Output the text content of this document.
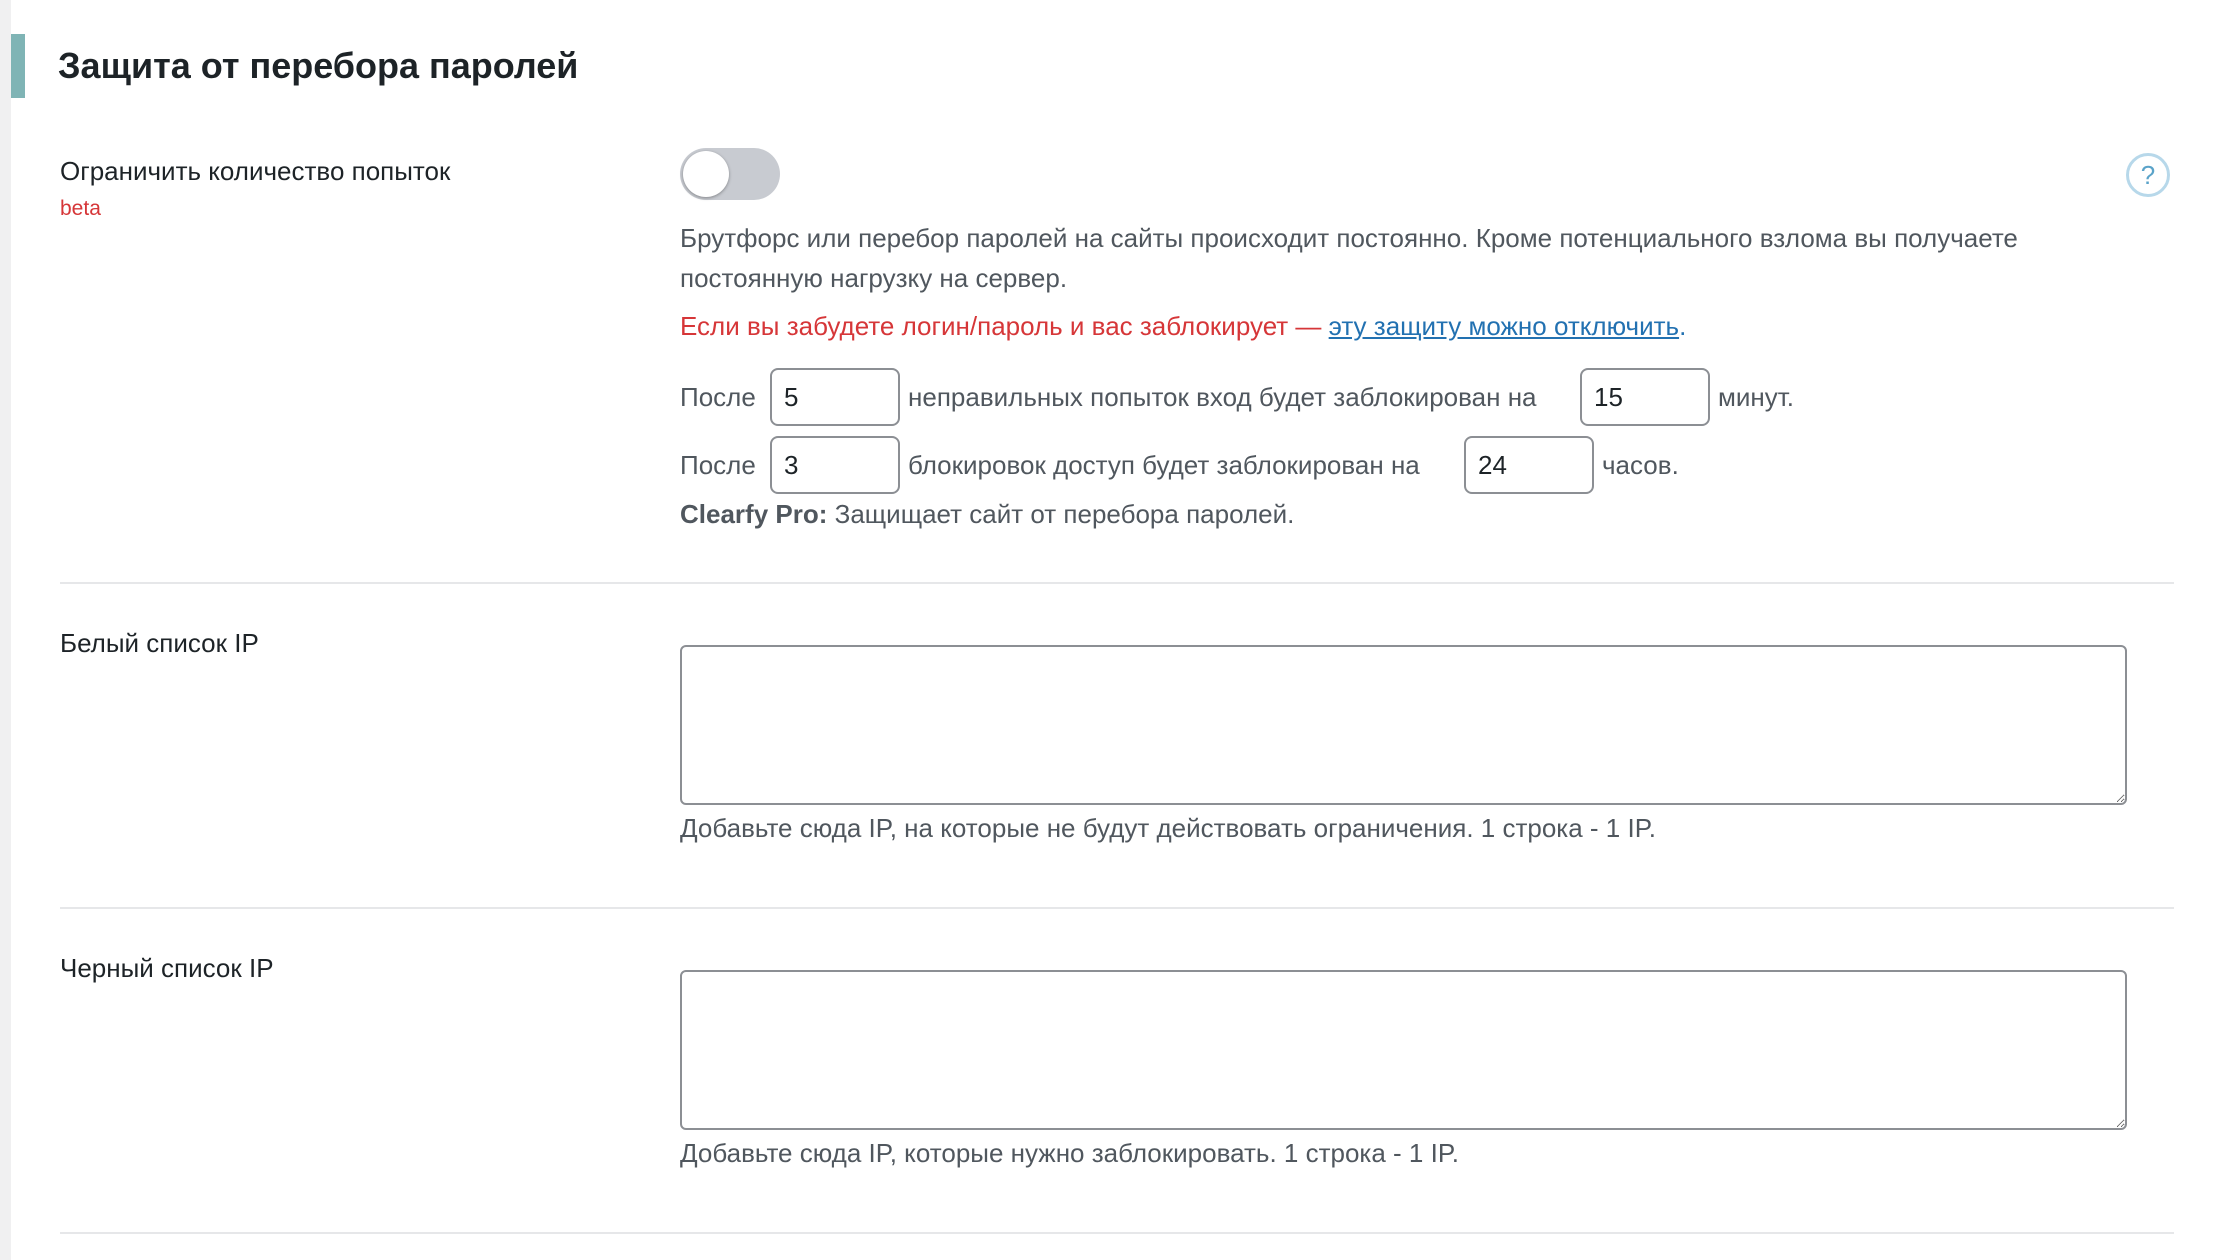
Защита от перебора паролей
Ограничить количество попыток
beta
?

Брутфорс или перебор паролей на сайты происходит постоянно. Кроме потенциального взлома вы получаете постоянную нагрузку на сервер.

Если вы забудете логин/пароль и вас заблокирует — эту защиту можно отключить.

После
5	неправильных попыток вход будет заблокирован на
15	минут.
После
3	блокировок доступ будет заблокирован на
24	часов.
Clearfy Pro: Защищает сайт от перебора паролей.
Белый список IP
Добавьте сюда IP, на которые не будут действовать ограничения. 1 строка - 1 IP.
Черный список IP
Добавьте сюда IP, которые нужно заблокировать. 1 строка - 1 IP.
